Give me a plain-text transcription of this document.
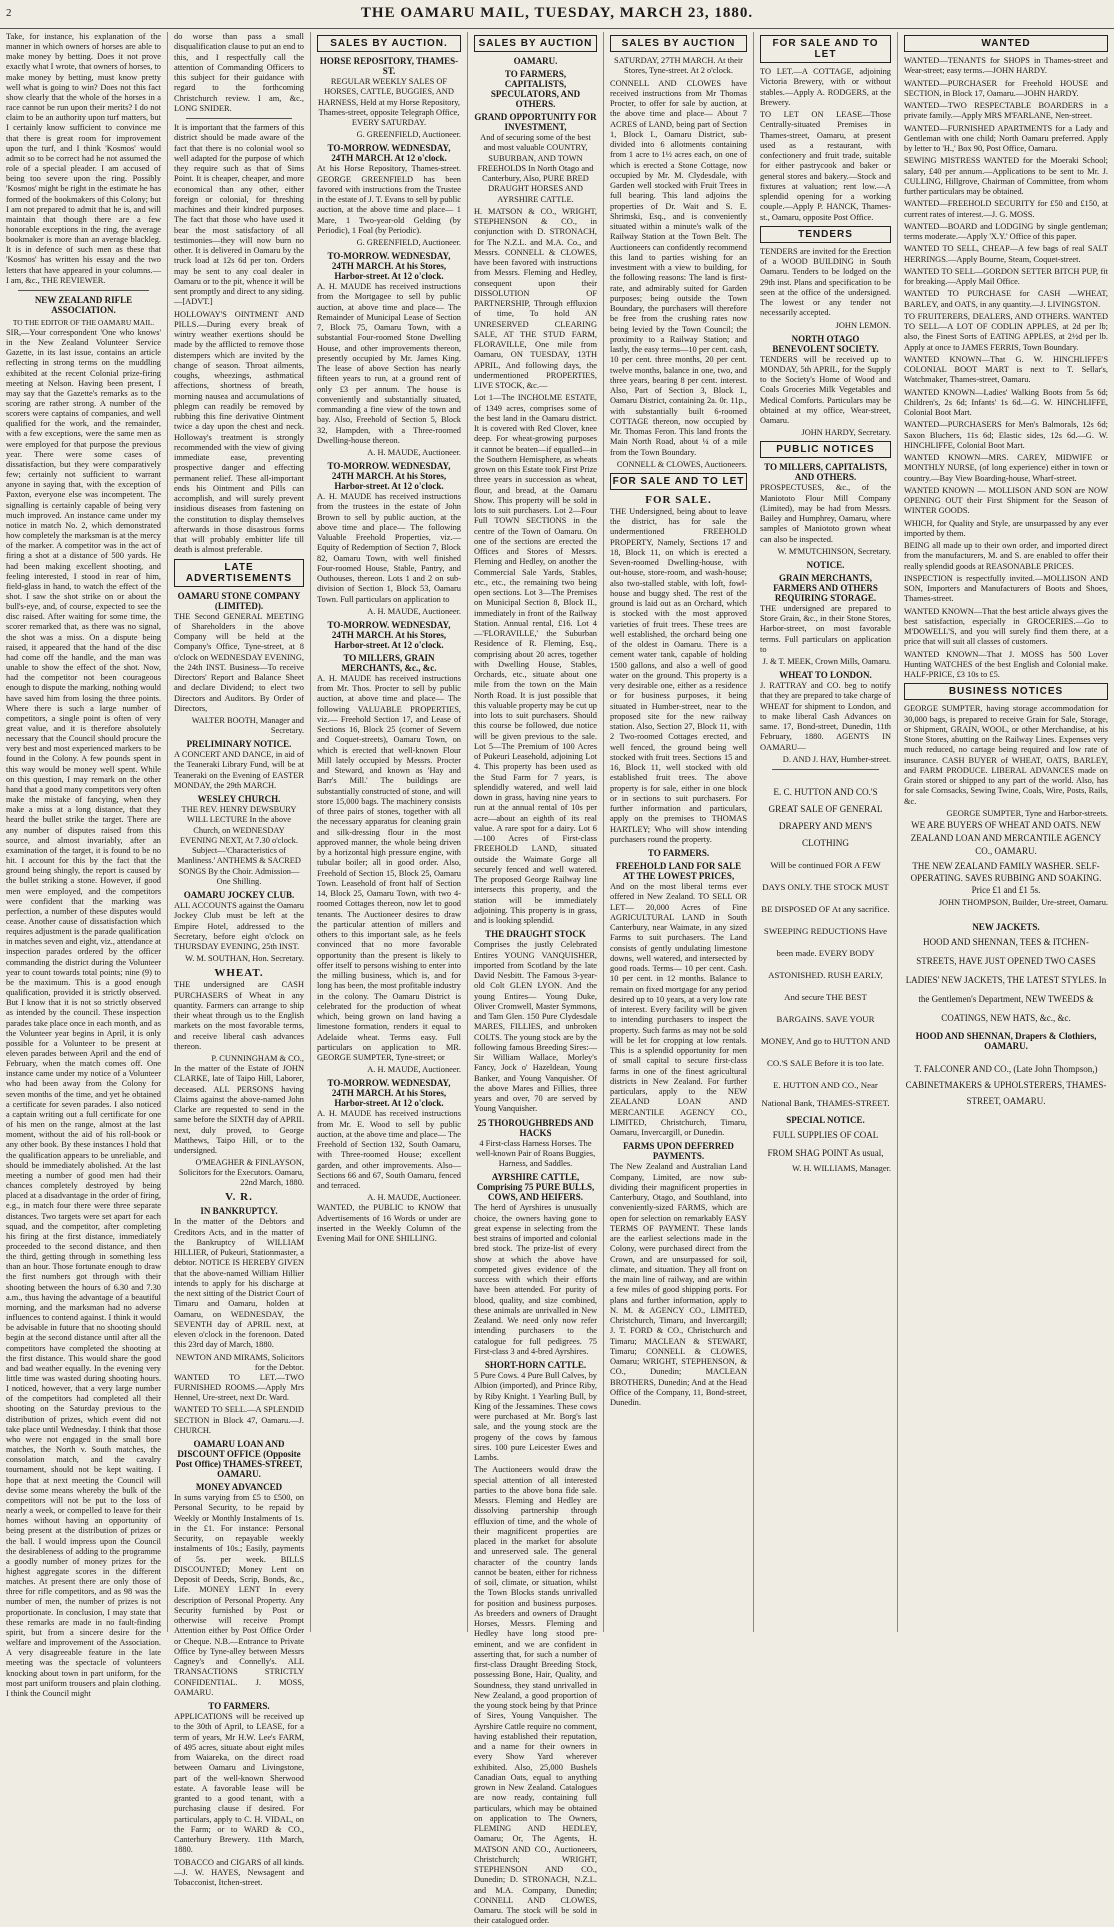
2	THE OAMARU MAIL, TUESDAY, MARCH 23, 1880.

Take, for instance, his explanation of the manner in which owners of horses are able to make money by betting. Does it not prove exactly what I wrote, that owners of horses, to make money by betting, must know pretty well what is going to win? Does not this fact show clearly that the whole of the horses in a race cannot be run upon their merits? I do not claim to be an authority upon turf matters, but I certainly know sufficient to convince me that there is great room for improvement upon the turf, and I think 'Kosmos' would admit so to be correct had he not assumed the role of a special pleader. I am accused of being too severe upon the ring. Possibly 'Kosmos' might be right in the estimate he has formed of the bookmakers of this Colony; but I am not prepared to admit that he is, and will maintain that though there are a few honorable exceptions in the ring, the average bookmaker is more than an average blackleg. It is in defence of such men as these that 'Kosmos' has written his essay and the two letters that have appeared in your columns.—I am, &c., THE REVIEWER.

NEW ZEALAND RIFLE ASSOCIATION.
TO THE EDITOR OF THE OAMARU MAIL.

SIR,—Your correspondent 'One who knows' in the New Zealand Volunteer Service Gazette, in its last issue, contains an article reflecting in strong terms on the muddling exhibited at the recent Colonial prize-firing meeting at Nelson. Having been present, I may say that the Gazette's remarks as to the scoring are rather strong. A number of the scorers were captains of companies, and well qualified for the work, and the remainder, with a few exceptions, were the same men as were employed for that purpose the previous year. There were some cases of dissatisfaction, but they were comparatively few; certainly not sufficient to warrant anyone in saying that, with the exception of Paxton, everyone else was incompetent. The signalling is certainly capable of being very much improved. An instance came under my notice in match No. 2, which demonstrated how completely the marksman is at the mercy of the marker. A competitor was in the act of firing a shot at a distance of 500 yards. He had been making excellent shooting, and feeling interested, I stood in rear of him, field-glass in hand, to watch the effect of the shot. I saw the shot strike on or about the bull's-eye, and, of course, expected to see the disc raised. After waiting for some time, the scorer remarked that, as there was no signal, the shot was a miss. On a dispute being raised, it appeared that the hand of the disc had come off the handle, and the man was unable to show the effect of the shot. Now, had the competitor not been courageous enough to dispute the marking, nothing would have saved him from losing the three points. Where there is such a large number of competitors, a single point is often of very great value, and it is therefore absolutely necessary that the Council should procure the very best and most experienced markers to be found in the Colony. A few pounds spent in this way would be money well spent. While on this question, I may remark on the other hand that a good many competitors very often make the mistake of fancying, when they make a miss at a long distance, that they heard the bullet strike the target. There are any number of disputes raised from this source, and almost invariably, after an examination of the target, it is found to be no hit. I account for this by the fact that the ground being shingly, the report is caused by the bullet striking a stone. However, if good men were employed, and the competitors were confident that the marking was perfection, a number of these disputes would cease. Another cause of dissatisfaction which requires adjustment is the parade qualification in matches seven and eight, viz., attendance at inspection parades ordered by the officer commanding the district during the Volunteer year to count towards total points; nine (9) to be the maximum. This is a good enough qualification, provided it is strictly observed. But I know that it is not so strictly observed as intended by the council. These inspection parades take place once in each month, and as the Volunteer year begins in April, it is only possible for a Volunteer to be present at eleven parades between April and the end of February, when the match comes off. One instance came under my notice of a Volunteer who had been away from the Colony for seven months of the time, and yet he obtained a certificate for seven parades. I also noticed a captain writing out a full certificate for one of his men on the range, almost at the last moment, without the aid of his roll-book or any other book. By these instances I hold that the qualification appears to be unreliable, and should be immediately abolished. At the last meeting a number of good men had their chances completely destroyed by being placed at a disadvantage in the order of firing, e.g., in match four there were three separate distances. Two targets were set apart for each squad, and the competitor, after completing his firing at the first distance, immediately proceeded to the second distance, and then the third, getting through in something less than an hour. Those fortunate enough to draw the first numbers got through with their shooting between the hours of 6.30 and 7.30 a.m., thus having the advantage of a beautiful morning, and the marksman had no adverse influences to contend against. I think it would be advisable in future that no shooting should begin at the second distance until after all the competitors have completed the shooting at the first distance. This would share the good and bad weather equally. In the evening very little time was wasted during shooting hours. I noticed, however, that a very large number of the competitors had completed all their shooting on the Saturday previous to the distribution of prizes, which event did not take place until Wednesday. I think that those who were not engaged in the small bore matches, the North v. South matches, the consolation match, and the cavalry tournament, should not be kept waiting. I hope that at next meeting the Council will devise some means whereby the bulk of the competitors will not be put to the loss of nearly a week, or compelled to leave for their homes without having an opportunity of being present at the distribution of prizes or the ball. I would impress upon the Council the desirableness of adding to the programme a goodly number of money prizes for the highest aggregate scores in the different matches. At present there are only those of three for rifle competitors, and as 98 was the number of men, the number of prizes is not proportionate. In conclusion, I may state that these remarks are made in no fault-finding spirit, but from a sincere desire for the welfare and improvement of the Association. A very disagreeable feature in the late meeting was the spectacle of volunteers knocking about town in part uniform, for the most part uniform trousers and plain clothing. I think the Council might

do worse than pass a small disqualification clause to put an end to this, and I respectfully call the attention of Commanding Officers to this subject for their guidance with regard to the forthcoming Christchurch review. I am, &c., LONG SNIDER.

It is important that the farmers of this district should be made aware of the fact that there is no colonial wool so well adapted for the purpose of which they require such as that of Sims Point. It is cheaper, cheaper, and more economical than any other, either foreign or colonial, for threshing machines and their kindred purposes. The fact that those who have used it bear the most satisfactory of all testimonies—they will now burn no other. It is delivered in Oamaru by the truck load at 12s 6d per ton. Orders may be sent to any coal dealer in Oamaru or to the pit, whence it will be sent promptly and direct to any siding.—[ADVT.]

HOLLOWAY'S OINTMENT AND PILLS.—During every break of wintry weather exertions should be made by the afflicted to remove those distempers which are invited by the change of season. Throat ailments, coughs, wheezings, asthmatical affections, shortness of breath, morning nausea and accumulations of phlegm can readily be removed by rubbing this fine derivative Ointment twice a day upon the chest and neck. Holloway's treatment is strongly recommended with the view of giving immediate ease, preventing prospective danger and effecting permanent relief. These all-important ends his Ointment and Pills can accomplish, and will surely prevent insidious diseases from fastening on the constitution to display themselves afterwards in those disastrous forms that will probably embitter life till death is almost preferable.

LATE ADVERTISEMENTS
OAMARU STONE COMPANY (LIMITED).

THE Second GENERAL MEETING of Shareholders in the above Company will be held at the Company's Office, Tyne-street, at 8 o'clock on WEDNESDAY EVENING, the 24th INST. Business—To receive Directors' Report and Balance Sheet and declare Dividend; to elect two Directors and Auditors. By Order of Directors,

WALTER BOOTH, Manager and Secretary.
PRELIMINARY NOTICE.

A CONCERT AND DANCE, in aid of the Teaneraki Library Fund, will be at Teaneraki on the Evening of EASTER MONDAY, the 29th MARCH.

WESLEY CHURCH.

THE REV. HENRY DEWSBURY WILL LECTURE In the above Church, on WEDNESDAY EVENING NEXT, At 7.30 o'clock. Subject—'Characteristics of Manliness.' ANTHEMS & SACRED SONGS By the Choir. Admission—One Shilling.

OAMARU JOCKEY CLUB.

ALL ACCOUNTS against the Oamaru Jockey Club must be left at the Empire Hotel, addressed to the Secretary, before eight o'clock on THURSDAY EVENING, 25th INST.

W. M. SOUTHAN, Hon. Secretary.
WHEAT.

THE undersigned are CASH PURCHASERS of Wheat in any quantity. Farmers can arrange to ship their wheat through us to the English markets on the most favorable terms, and receive liberal cash advances thereon.

P. CUNNINGHAM & CO.,

In the matter of the Estate of JOHN CLARKE, late of Taipo Hill, Laborer, deceased. ALL PERSONS having Claims against the above-named John Clarke are requested to send in the same before the SIXTH day of APRIL next, duly proved, to George Matthews, Taipo Hill, or to the undersigned.

O'MEAGHER & FINLAYSON, Solicitors for the Executors. Oamaru, 22nd March, 1880.
V. R.
IN BANKRUPTCY.

In the matter of the Debtors and Creditors Acts, and in the matter of the Bankruptcy of WILLIAM HILLIER, of Pukeuri, Stationmaster, a debtor. NOTICE IS HEREBY GIVEN that the above-named William Hillier intends to apply for his discharge at the next sitting of the District Court of Timaru and Oamaru, holden at Oamaru, on WEDNESDAY, the SEVENTH day of APRIL next, at eleven o'clock in the forenoon. Dated this 23rd day of March, 1880.

NEWTON AND MIRAMS, Solicitors for the Debtor.

WANTED TO LET.—TWO FURNISHED ROOMS.—Apply Mrs Hennel, Ure-street, next Dr. Ward.

WANTED TO SELL.—A SPLENDID SECTION in Block 47, Oamaru.—J. CHURCH.

OAMARU LOAN AND DISCOUNT OFFICE (Opposite Post Office) THAMES-STREET, OAMARU.
MONEY ADVANCED

In sums varying from £5 to £500, on Personal Security, to be repaid by Weekly or Monthly Instalments of 1s. in the £1. For instance: Personal Security, on repayable weekly instalments of 10s.; Easily, payments of 5s. per week. BILLS DISCOUNTED; Money Lent on Deposit of Deeds, Scrip, Bonds, &c., Life. MONEY LENT In every description of Personal Property. Any Security furnished by Post or otherwise will receive Prompt Attention either by Post Office Order or Cheque. N.B.—Entrance to Private Office by Tyne-alley between Messrs Cagney's and Connelly's. ALL TRANSACTIONS STRICTLY CONFIDENTIAL. J. MOSS, OAMARU.

TO FARMERS.

APPLICATIONS will be received up to the 30th of April, to LEASE, for a term of years, Mr H.W. Lee's FARM, of 495 acres, situate about eight miles from Waiareka, on the direct road between Oamaru and Livingstone, part of the well-known Sherwood estate. A favorable lease will be granted to a good tenant, with a purchasing clause if desired. For particulars, apply to C. H. VIDAL, on the Farm; or to WARD & CO., Canterbury Brewery. 11th March, 1880.

TOBACCO and CIGARS of all kinds.—J. W. HAYES, Newsagent and Tobacconist, Itchen-street.

SALES BY AUCTION.
HORSE REPOSITORY, THAMES-ST.

REGULAR WEEKLY SALES OF HORSES, CATTLE, BUGGIES, AND HARNESS, Held at my Horse Repository, Thames-street, opposite Telegraph Office, EVERY SATURDAY.

G. GREENFIELD, Auctioneer.
TO-MORROW. WEDNESDAY, 24TH MARCH. At 12 o'clock.

At his Horse Repository, Thames-street. GEORGE GREENFIELD has been favored with instructions from the Trustee in the estate of J. T. Evans to sell by public auction, at the above time and place— 1 Mare, 1 Two-year-old Gelding (by Periodic), 1 Foal (by Periodic).

G. GREENFIELD, Auctioneer.
TO-MORROW. WEDNESDAY, 24TH MARCH. At his Stores, Harbor-street. At 12 o'clock.

A. H. MAUDE has received instructions from the Mortgagee to sell by public auction, at above time and place— The Remainder of Municipal Lease of Section 7, Block 75, Oamaru Town, with a substantial Four-roomed Stone Dwelling House, and other improvements thereon, presently occupied by Mr. James King. The lease of above Section has nearly fifteen years to run, at a ground rent of only £3 per annum. The house is conveniently and substantially situated, commanding a fine view of the town and bay. Also, Freehold of Section 5, Block 32, Hampden, with a Three-roomed Dwelling-house thereon.

A. H. MAUDE, Auctioneer.
TO-MORROW. WEDNESDAY, 24TH MARCH. At his Stores, Harbor-street. At 12 o'clock.

A. H. MAUDE has received instructions from the trustees in the estate of John Brown to sell by public auction, at the above time and place— The following Valuable Freehold Properties, viz.— Equity of Redemption of Section 7, Block 82, Oamaru Town, with well finished Four-roomed House, Stable, Pantry, and Outhouses, thereon. Lots 1 and 2 on sub-division of Section 1, Block 53, Oamaru Town. Full particulars on application to

A. H. MAUDE, Auctioneer.
TO-MORROW. WEDNESDAY, 24TH MARCH. At his Stores, Harbor-street. At 12 o'clock.
TO MILLERS, GRAIN MERCHANTS, &c., &c.

A. H. MAUDE has received instructions from Mr. Thos. Procter to sell by public auction, at above time and place— The following VALUABLE PROPERTIES, viz.— Freehold Section 17, and Lease of Sections 16, Block 25 (corner of Severn and Coquet-streets), Oamaru Town, on which is erected that well-known Flour Mill lately occupied by Messrs. Procter and Steward, and known as 'Hay and Barr's Mill.' The buildings are substantially constructed of stone, and will store 15,000 bags. The machinery consists of three pairs of stones, together with all the necessary apparatus for cleaning grain and silk-dressing flour in the most approved manner, the whole being driven by a horizontal high pressure engine, with tubular boiler; all in good order. Also, Freehold of Section 15, Block 25, Oamaru Town. Leasehold of front half of Section 14, Block 25, Oamaru Town, with two 4-roomed Cottages thereon, now let to good tenants. The Auctioneer desires to draw the particular attention of millers and others to this important sale, as he feels convinced that no more favorable opportunity than the present is likely to offer itself to persons wishing to enter into the milling business, which is, and for long has been, the most profitable industry in the colony. The Oamaru District is celebrated for the production of wheat which, being grown on land having a limestone formation, renders it equal to Adelaide wheat. Terms easy. Full particulars on application to MR. GEORGE SUMPTER, Tyne-street; or

A. H. MAUDE, Auctioneer.
TO-MORROW. WEDNESDAY, 24TH MARCH. At his Stores, Harbor-street. At 12 o'clock.

A. H. MAUDE has received instructions from Mr. E. Wood to sell by public auction, at the above time and place— The Freehold of Section 132, South Oamaru, with Three-roomed House; excellent garden, and other improvements. Also— Sections 66 and 67, South Oamaru, fenced and terraced.

A. H. MAUDE, Auctioneer.

WANTED, the PUBLIC to KNOW that Advertisements of 16 Words or under are inserted in the Weekly Column of the Evening Mail for ONE SHILLING.

SALES BY AUCTION
OAMARU.
TO FARMERS, CAPITALISTS, SPECULATORS, AND OTHERS.
GRAND OPPORTUNITY FOR INVESTMENT,

And of securing some of the best and most valuable COUNTRY, SUBURBAN, AND TOWN FREEHOLDS In North Otago and Canterbury, Also, PURE BRED DRAUGHT HORSES AND AYRSHIRE CATTLE.

H. MATSON & CO., WRIGHT, STEPHENSON & CO., in conjunction with D. STRONACH, for The N.Z.L. and M.A. Co., and Messrs. CONNELL & CLOWES, have been favored with instructions from Messrs. Fleming and Hedley, consequent upon their DISSOLUTION OF PARTNERSHIP, Through effluxion of time, To hold AN UNRESERVED CLEARING SALE, AT THE STUD FARM, FLORAVILLE, One mile from Oamaru, ON TUESDAY, 13TH APRIL, And following days, the undermentioned PROPERTIES, LIVE STOCK, &c.—

Lot 1—The INCHOLME ESTATE, of 1349 acres, comprises some of the best land in the Oamaru district. It is covered with Red Clover, knee deep. For wheat-growing purposes it cannot be beaten—if equalled—in the Southern Hemisphere, as wheats grown on this Estate took First Prize three years in succession as wheat, flour, and bread, at the Oamaru Show. This property will be sold in lots to suit purchasers. Lot 2—Four Full TOWN SECTIONS in the centre of the Town of Oamaru. On one of the sections are erected the Offices and Stores of Messrs. Fleming and Hedley, on another the Commercial Sale Yards, Stables, etc., etc., the remaining two being open sections. Lot 3—The Premises on Municipal Section 8, Block II., immediately in front of the Railway Station. Annual rental, £16. Lot 4—'FLORAVILLE,' the Suburban Residence of R. Fleming, Esq., comprising about 20 acres, together with Dwelling House, Stables, Orchards, etc., situate about one mile from the town on the Main North Road. It is just possible that this valuable property may be cut up into lots to suit purchasers. Should this course be followed, due notice will be given previous to the sale. Lot 5—The Premium of 100 Acres of Pukeuri Leasehold, adjoining Lot 4. This property has been used as the Stud Farm for 7 years, is splendidly watered, and well laid down in grass, having nine years to run at the annual rental of 10s per acre—about an eighth of its real value. A rare spot for a dairy. Lot 6—100 Acres of First-class FREEHOLD LAND, situated outside the Waimate Gorge all securely fenced and well watered. The proposed George Railway line intersects this property, and the station will be immediately adjoining. This property is in grass, and is looking splendid.

THE DRAUGHT STOCK

Comprises the justly Celebrated Entires YOUNG VANQUISHER, imported from Scotland by the late David Nesbitt. The Famous 3-year-old Colt GLEN LYON. And the young Entires— Young Duke, Oliver Cromwell, Master Symmons, and Tam Glen. 150 Pure Clydesdale MARES, FILLIES, and unbroken COLTS. The young stock are by the following famous Breeding Sires:—Sir William Wallace, Morley's Fancy, Jock o' Hazeldean, Young Banker, and Young Vanquisher. Of the above Mares and Fillies, three years and over, 70 are served by Young Vanquisher.

25 THOROUGHBREDS AND HACKS

4 First-class Harness Horses. The well-known Pair of Roans Buggies, Harness, and Saddles.

AYRSHIRE CATTLE, Comprising 75 PURE BULLS, COWS, AND HEIFERS.

The herd of Ayrshires is unusually choice, the owners having gone to great expense in selecting from the best strains of imported and colonial bred stock. The prize-list of every show at which the above have competed gives evidence of the success with which their efforts have been attended. For purity of blood, quality, and size combined, these animals are unrivalled in New Zealand. We need only now refer intending purchasers to the catalogue for full pedigrees. 75 First-class 3 and 4-bred Ayrshires.

SHORT-HORN CATTLE.

5 Pure Cows. 4 Pure Bull Calves, by Albion (imported), and Prince Riby, by Riby Knight. 1 Yearling Bull, by King of the Jessamines. These cows were purchased at Mr. Borg's last sale, and the young stock are the progeny of the cows by famous sires. 100 pure Leicester Ewes and Lambs.

The Auctioneers would draw the special attention of all interested parties to the above bona fide sale. Messrs. Fleming and Hedley are dissolving partnership through effluxion of time, and the whole of their magnificent properties are placed in the market for absolute and unreserved sale. The general character of the country lands cannot be beaten, either for richness of soil, climate, or situation, whilst the Town Blocks stands unrivalled for position and business purposes. As breeders and owners of Draught Horses, Messrs. Fleming and Hedley have long stood pre-eminent, and we are confident in asserting that, for such a number of first-class Draught Breeding Stock, possessing Bone, Hair, Quality, and Soundness, they stand unrivalled in New Zealand, a good proportion of the young stock being by that Prince of Sires, Young Vanquisher. The Ayrshire Cattle require no comment, having established their reputation, and a name for their owners in every Show Yard wherever exhibited. Also, 25,000 Bushels Canadian Oats, equal to anything grown in New Zealand. Catalogues are now ready, containing full particulars, which may be obtained on application to The Owners, FLEMING AND HEDLEY, Oamaru; Or, The Agents, H. MATSON AND CO., Auctioneers, Christchurch; WRIGHT, STEPHENSON AND CO., Dunedin; D. STRONACH, N.Z.L. and M.A. Company, Dunedin; CONNELL AND CLOWES, Oamaru. The stock will be sold in their catalogued order.

SALES BY AUCTION

SATURDAY, 27TH MARCH. At their Stores, Tyne-street. At 2 o'clock.

CONNELL AND CLOWES have received instructions from Mr Thomas Procter, to offer for sale by auction, at the above time and place— About 7 ACRES of LAND, being part of Section 1, Block I., Oamaru District, sub-divided into 6 allotments containing from 1 acre to 1½ acres each, on one of which is erected a Stone Cottage, now occupied by Mr. M. Clydesdale, with Garden well stocked with Fruit Trees in full bearing. This land adjoins the properties of Dr. Wait and S. E. Shrimski, Esq., and is conveniently situated within a minute's walk of the Railway Station at the Town Belt. The Auctioneers can confidently recommend this land to parties wishing for an investment with a view to building, for the following reasons: The land is first-rate, and admirably suited for Garden purposes; being outside the Town Boundary, the purchasers will therefore be free from the crushing rates now being levied by the Town Council; the proximity to a Railway Station; and lastly, the easy terms—10 per cent. cash, 10 per cent. three months, 20 per cent. twelve months, balance in one, two, and three years, bearing 8 per cent. interest. Also, Part of Section 3, Block I., Oamaru District, containing 2a. 0r. 11p., with substantially built 6-roomed COTTAGE thereon, now occupied by Mr. Thomas Feron. This land fronts the Main North Road, about ¼ of a mile from the Town Boundary.

CONNELL & CLOWES, Auctioneers.
FOR SALE AND TO LET
FOR SALE.

THE Undersigned, being about to leave the district, has for sale the undermentioned FREEHOLD PROPERTY, Namely, Sections 17 and 18, Block 11, on which is erected a Seven-roomed Dwelling-house, with out-house, store-room, and wash-house; also two-stalled stable, with loft, fowl-house and buggy shed. The rest of the ground is laid out as an Orchard, which is stocked with the most approved varieties of fruit trees. These trees are well established, the orchard being one of the oldest in Oamaru. There is a cement water tank, capable of holding 1500 gallons, and also a well of good water on the ground. This property is a very desirable one, either as a residence or for business purposes, it being situated in Humber-street, near to the proposed site for the new railway station. Also, Section 27, Block 11, with 2 Two-roomed Cottages erected, and well fenced, the ground being well stocked with fruit trees. Sections 15 and 16, Block 11, well stocked with old established fruit trees. The above property is for sale, either in one block or in sections to suit purchasers. For further information and particulars, apply on the premises to THOMAS HARTLEY; Who will show intending purchasers round the property.

TO FARMERS.
FREEHOLD LAND FOR SALE AT THE LOWEST PRICES,

And on the most liberal terms ever offered in New Zealand. TO SELL OR LET— 20,000 Acres of Fine AGRICULTURAL LAND in South Canterbury, near Waimate, in any sized Farms to suit purchasers. The Land consists of gently undulating limestone downs, well watered, and intersected by good roads. Terms— 10 per cent. Cash. 10 per cent. in 12 months. Balance to remain on fixed mortgage for any period desired up to 10 years, at a very low rate of interest. Every facility will be given to intending purchasers to inspect the property. Such farms as may not be sold will be let for cropping at low rentals. This is a splendid opportunity for men of small capital to secure first-class farms in one of the finest agricultural districts in New Zealand. For further particulars, apply to the NEW ZEALAND LOAN AND MERCANTILE AGENCY CO., LIMITED, Christchurch, Timaru, Oamaru, Invercargill, or Dunedin.

FARMS UPON DEFERRED PAYMENTS.

The New Zealand and Australian Land Company, Limited, are now sub-dividing their magnificent properties in Canterbury, Otago, and Southland, into conveniently-sized FARMS, which are open for selection on remarkably EASY TERMS OF PAYMENT. These lands are the earliest selections made in the Colony, were purchased direct from the Crown, and are unsurpassed for soil, climate, and situation. They all front on the main line of railway, and are within a few miles of good shipping ports. For plans and further information, apply to N. M. & AGENCY CO., LIMITED, Christchurch, Timaru, and Invercargill; J. T. FORD & CO., Christchurch and Timaru; MACLEAN & STEWART, Timaru; CONNELL & CLOWES, Oamaru; WRIGHT, STEPHENSON, & CO., Dunedin; MACLEAN BROTHERS, Dunedin; And at the Head Office of the Company, 11, Bond-street, Dunedin.

FOR SALE AND TO LET

TO LET.—A COTTAGE, adjoining Victoria Brewery, with or without stables.—Apply A. RODGERS, at the Brewery.

TO LET ON LEASE—Those Centrally-situated Premises in Thames-street, Oamaru, at present used as a restaurant, with confectionery and fruit trade, suitable for either pastrycook and baker or general stores and bakery.—Stock and fixtures at valuation; rent low.—A splendid opening for a working couple.—Apply P. HANCK, Thames-st., Oamaru, opposite Post Office.

TENDERS

TENDERS are invited for the Erection of a WOOD BUILDING in South Oamaru. Tenders to be lodged on the 29th inst. Plans and specification to be seen at the office of the undersigned. The lowest or any tender not necessarily accepted.

JOHN LEMON.
NORTH OTAGO BENEVOLENT SOCIETY.

TENDERS will be received up to MONDAY, 5th APRIL, for the Supply to the Society's Home of Wood and Coals Groceries Milk Vegetables and Medical Comforts. Particulars may be obtained at my office, Wear-street, Oamaru.

JOHN HARDY, Secretary.
PUBLIC NOTICES
TO MILLERS, CAPITALISTS, AND OTHERS.

PROSPECTUSES, &c., of the Maniototo Flour Mill Company (Limited), may be had from Messrs. Bailey and Humphrey, Oamaru, where samples of Maniototo grown wheat can also be inspected.

W. M'MUTCHINSON, Secretary.
NOTICE.
GRAIN MERCHANTS, FARMERS AND OTHERS REQUIRING STORAGE.

THE undersigned are prepared to Store Grain, &c., in their Stone Stores, Harbor-street, on most favorable terms. Full particulars on application to

J. & T. MEEK, Crown Mills, Oamaru.
WHEAT TO LONDON.

J. RATTRAY and CO. beg to notify that they are prepared to take charge of WHEAT for shipment to London, and to make liberal Cash Advances on same. 17, Bond-street, Dunedin, 11th February, 1880. AGENTS IN OAMARU—

D. AND J. HAY, Humber-street.

E. C. HUTTON AND CO.'S GREAT SALE OF GENERAL DRAPERY AND MEN'S CLOTHING

Will be continued FOR A FEW DAYS ONLY. THE STOCK MUST BE DISPOSED OF At any sacrifice. SWEEPING REDUCTIONS Have been made. EVERY BODY ASTONISHED. RUSH EARLY, And secure THE BEST BARGAINS. SAVE YOUR MONEY, And go to HUTTON AND CO.'S SALE Before it is too late.

E. HUTTON AND CO., Near National Bank, THAMES-STREET.

SPECIAL NOTICE.

FULL SUPPLIES OF COAL FROM SHAG POINT As usual,

W. H. WILLIAMS, Manager.
WANTED

WANTED—TENANTS for SHOPS in Thames-street and Wear-street; easy terms.—JOHN HARDY.

WANTED—PURCHASER for Freehold HOUSE and SECTION, in Block 17, Oamaru.—JOHN HARDY.

WANTED—TWO RESPECTABLE BOARDERS in a private family.—Apply MRS M'FARLANE, Nen-street.

WANTED—FURNISHED APARTMENTS for a Lady and Gentleman with one child; North Oamaru preferred. Apply by letter to 'H.,' Box 90, Post Office, Oamaru.

SEWING MISTRESS WANTED for the Moeraki School; salary, £40 per annum.—Applications to be sent to Mr. J. CULLING, Hillgrove, Chairman of Committee, from whom further particulars may be obtained.

WANTED—FREEHOLD SECURITY for £50 and £150, at current rates of interest.—J. G. MOSS.

WANTED—BOARD and LODGING by single gentleman; terms moderate.—Apply 'X.Y.' Office of this paper.

WANTED TO SELL, CHEAP—A few bags of real SALT HERRINGS.—Apply Bourne, Steam, Coquet-street.

WANTED TO SELL—GORDON SETTER BITCH PUP, fit for breaking.—Apply Mail Office.

WANTED TO PURCHASE for CASH —WHEAT, BARLEY, and OATS, in any quantity.—J. LIVINGSTON.

TO FRUITERERS, DEALERS, AND OTHERS. WANTED TO SELL—A LOT OF CODLIN APPLES, at 2d per lb; also, the Finest Sorts of EATING APPLES, at 2½d per lb. Apply at once to JAMES FERRIS, Town Boundary.

WANTED KNOWN—That G. W. HINCHLIFFE'S COLONIAL BOOT MART is next to T. Sellar's, Watchmaker, Thames-street, Oamaru.

WANTED KNOWN—Ladies' Walking Boots from 5s 6d; Children's, 2s 6d; Infants' 1s 6d.—G. W. HINCHLIFFE, Colonial Boot Mart.

WANTED—PURCHASERS for Men's Balmorals, 12s 6d; Saxon Bluchers, 11s 6d; Elastic sides, 12s 6d.—G. W. HINCHLIFFE, Colonial Boot Mart.

WANTED KNOWN—MRS. CAREY, MIDWIFE or MONTHLY NURSE, (of long experience) either in town or country.—Bay View Boarding-house, Wharf-street.

WANTED KNOWN — MOLLISON AND SON are NOW OPENING OUT their First Shipment for the Season of WINTER GOODS.

WHICH, for Quality and Style, are unsurpassed by any ever imported by them.

BEING all made up to their own order, and imported direct from the manufacturers, M. and S. are enabled to offer their really splendid goods at REASONABLE PRICES.

INSPECTION is respectfully invited.—MOLLISON AND SON, Importers and Manufacturers of Boots and Shoes, Thames-street.

WANTED KNOWN—That the best article always gives the best satisfaction, especially in GROCERIES.—Go to M'DOWELL'S, and you will surely find them there, at a price that will suit all classes of customers.

WANTED KNOWN—That J. MOSS has 500 Lover Hunting WATCHES of the best English and Colonial make. HALF-PRICE, £3 10s to £5.

BUSINESS NOTICES

GEORGE SUMPTER, having storage accommodation for 30,000 bags, is prepared to receive Grain for Sale, Storage, or Shipment, GRAIN, WOOL, or other Merchandise, at his Stone Stores, abutting on the Railway Lines. Expenses very much reduced, no cartage being required and low rate of insurance. CASH BUYER of WHEAT, OATS, BARLEY, and FARM PRODUCE. LIBERAL ADVANCES made on Grain stored or shipped to any part of the world. Also, has for sale Cornsacks, Sewing Twine, Coals, Wire, Posts, Rails, &c.

GEORGE SUMPTER, Tyne and Harbor-streets.

WE ARE BUYERS OF WHEAT AND OATS. NEW ZEALAND LOAN AND MERCANTILE AGENCY CO., OAMARU.

THE NEW ZEALAND FAMILY WASHER. SELF-OPERATING. SAVES RUBBING AND SOAKING. Price £1 and £1 5s.

JOHN THOMPSON, Builder, Ure-street, Oamaru.
NEW JACKETS.

HOOD AND SHENNAN, TEES & ITCHEN-STREETS, HAVE JUST OPENED TWO CASES LADIES' NEW JACKETS, THE LATEST STYLES. In the Gentlemen's Department, NEW TWEEDS & COATINGS, NEW HATS, &c., &c.

HOOD AND SHENNAN, Drapers & Clothiers, OAMARU.

T. FALCONER AND CO., (Late John Thompson,) CABINETMAKERS & UPHOLSTERERS, THAMES-STREET, OAMARU.
